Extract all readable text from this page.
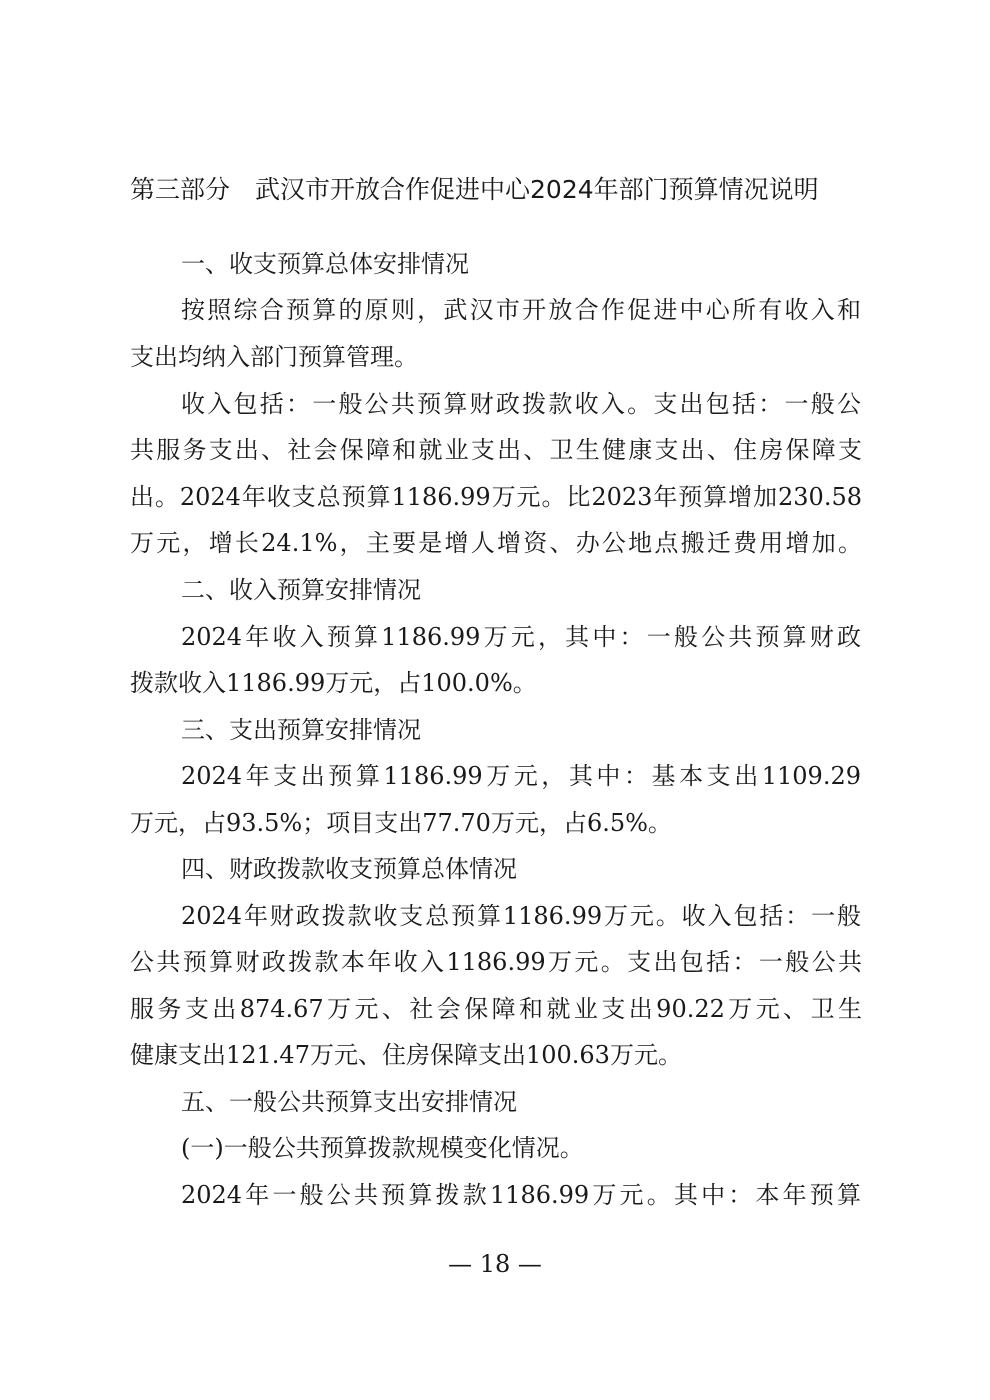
第三部分　武汉市开放合作促进中心2024年部门预算情况说明
一、收支预算总体安排情况
按照综合预算的原则，武汉市开放合作促进中心所有收入和
支出均纳入部门预算管理。
收入包括：一般公共预算财政拨款收入。支出包括：一般公
共服务支出、社会保障和就业支出、卫生健康支出、住房保障支
出。2024年收支总预算1186.99万元。比2023年预算增加230.58
万元，增长24.1%，主要是增人增资、办公地点搬迁费用增加。
二、收入预算安排情况
2024年收入预算1186.99万元，其中：一般公共预算财政
拨款收入1186.99万元，占100.0%。
三、支出预算安排情况
2024年支出预算1186.99万元，其中：基本支出1109.29
万元，占93.5%；项目支出77.70万元，占6.5%。
四、财政拨款收支预算总体情况
2024年财政拨款收支总预算1186.99万元。收入包括：一般
公共预算财政拨款本年收入1186.99万元。支出包括：一般公共
服务支出874.67万元、社会保障和就业支出90.22万元、卫生
健康支出121.47万元、住房保障支出100.63万元。
五、一般公共预算支出安排情况
(一)一般公共预算拨款规模变化情况。
2024年一般公共预算拨款1186.99万元。其中：本年预算
— 18 —
